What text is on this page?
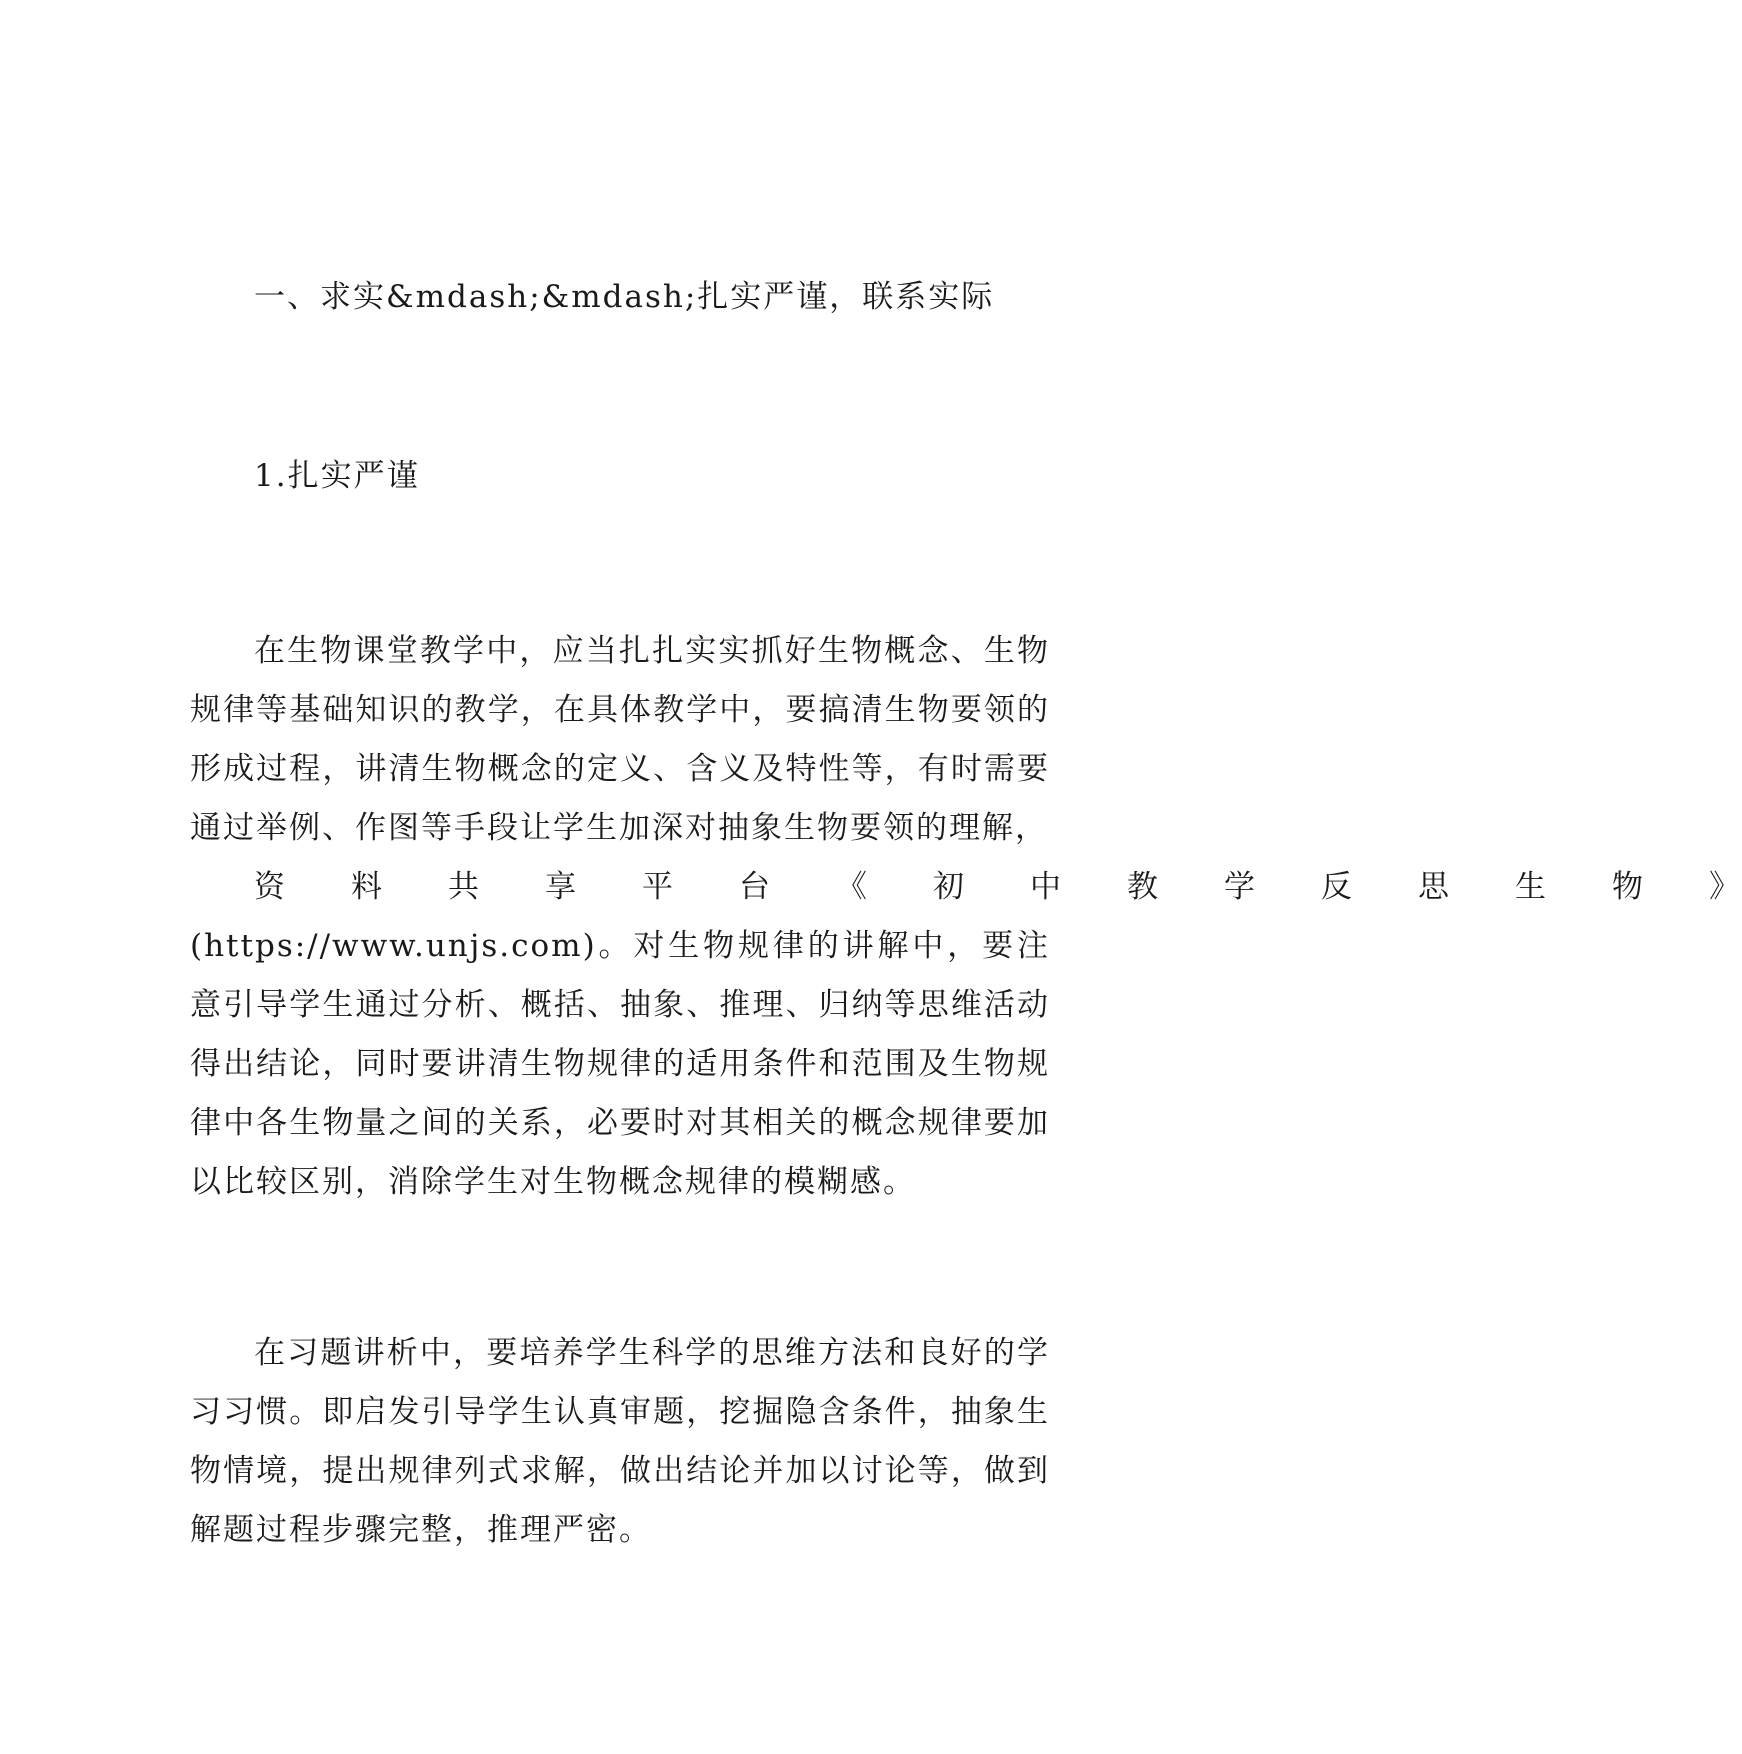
一、求实&mdash;&mdash;扎实严谨，联系实际

1.扎实严谨

在生物课堂教学中，应当扎扎实实抓好生物概念、生物规律等基础知识的教学，在具体教学中，要搞清生物要领的形成过程，讲清生物概念的定义、含义及特性等，有时需要通过举例、作图等手段让学生加深对抽象生物要领的理解，
资	料	共	享	平	台	《	初	中	教	学	反	思	生	物	》
(https://www.unjs.com)。对生物规律的讲解中，要注意引导学生通过分析、概括、抽象、推理、归纳等思维活动得出结论，同时要讲清生物规律的适用条件和范围及生物规律中各生物量之间的关系，必要时对其相关的概念规律要加以比较区别，消除学生对生物概念规律的模糊感。

在习题讲析中，要培养学生科学的思维方法和良好的学习习惯。即启发引导学生认真审题，挖掘隐含条件，抽象生物情境，提出规律列式求解，做出结论并加以讨论等，做到解题过程步骤完整，推理严密。
